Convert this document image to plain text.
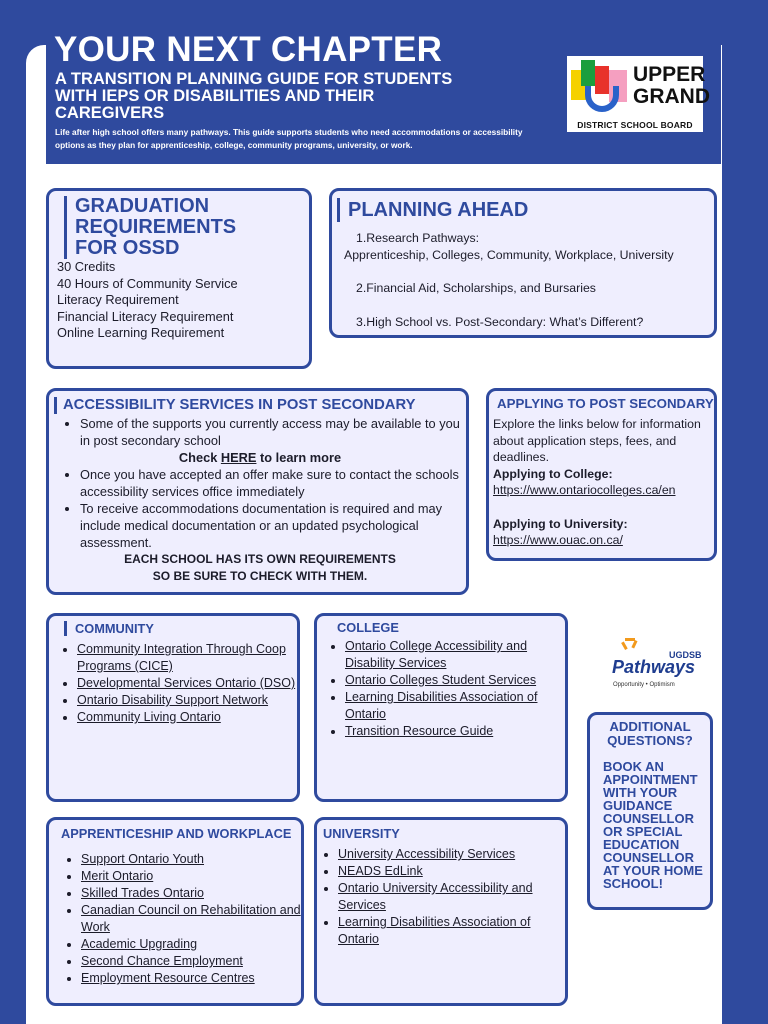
YOUR NEXT CHAPTER
A TRANSITION PLANNING GUIDE FOR STUDENTS WITH IEPS OR DISABILITIES AND THEIR CAREGIVERS

Life after high school offers many pathways. This guide supports students who need accommodations or accessibility options as they plan for apprenticeship, college, community programs, university, or work.

UPPER
GRAND

DISTRICT SCHOOL BOARD

GRADUATION REQUIREMENTS FOR OSSD

30 Credits

40 Hours of Community Service

Literacy Requirement

Financial Literacy Requirement

Online Learning Requirement

PLANNING AHEAD
1.Research Pathways:
Apprenticeship, Colleges, Community, Workplace, University
2.Financial Aid, Scholarships, and Bursaries
3.High School vs. Post-Secondary: What’s Different?
ACCESSIBILITY SERVICES IN POST SECONDARY
• Some of the supports you currently access may be available to you in post secondary school

Check HERE to learn more

• Once you have accepted an offer make sure to contact the schools accessibility services office immediately
• To receive accommodations documentation is required and may include medical documentation or an updated psychological assessment.

EACH SCHOOL HAS ITS OWN REQUIREMENTS

SO BE SURE TO CHECK WITH THEM.

APPLYING TO POST SECONDARY

Explore the links below for information about application steps, fees, and deadlines.

Applying to College:

https://www.ontariocolleges.ca/en

Applying to University:

https://www.ouac.on.ca/

COMMUNITY
• Community Integration Through Coop Programs (CICE)
• Developmental Services Ontario (DSO)
• Ontario Disability Support Network
• Community Living Ontario
COLLEGE
• Ontario College Accessibility and Disability Services
• Ontario Colleges Student Services
• Learning Disabilities Association of Ontario
• Transition Resource Guide
UGDSB
Pathways
Opportunity • Optimism
APPRENTICESHIP AND WORKPLACE
• Support Ontario Youth
• Merit Ontario
• Skilled Trades Ontario
• Canadian Council on Rehabilitation and Work
• Academic Upgrading
• Second Chance Employment
• Employment Resource Centres
UNIVERSITY
• University Accessibility Services
• NEADS EdLink
• Ontario University Accessibility and Services
• Learning Disabilities Association of Ontario
ADDITIONAL QUESTIONS?

BOOK AN APPOINTMENT WITH YOUR GUIDANCE COUNSELLOR OR SPECIAL EDUCATION COUNSELLOR AT YOUR HOME SCHOOL!
